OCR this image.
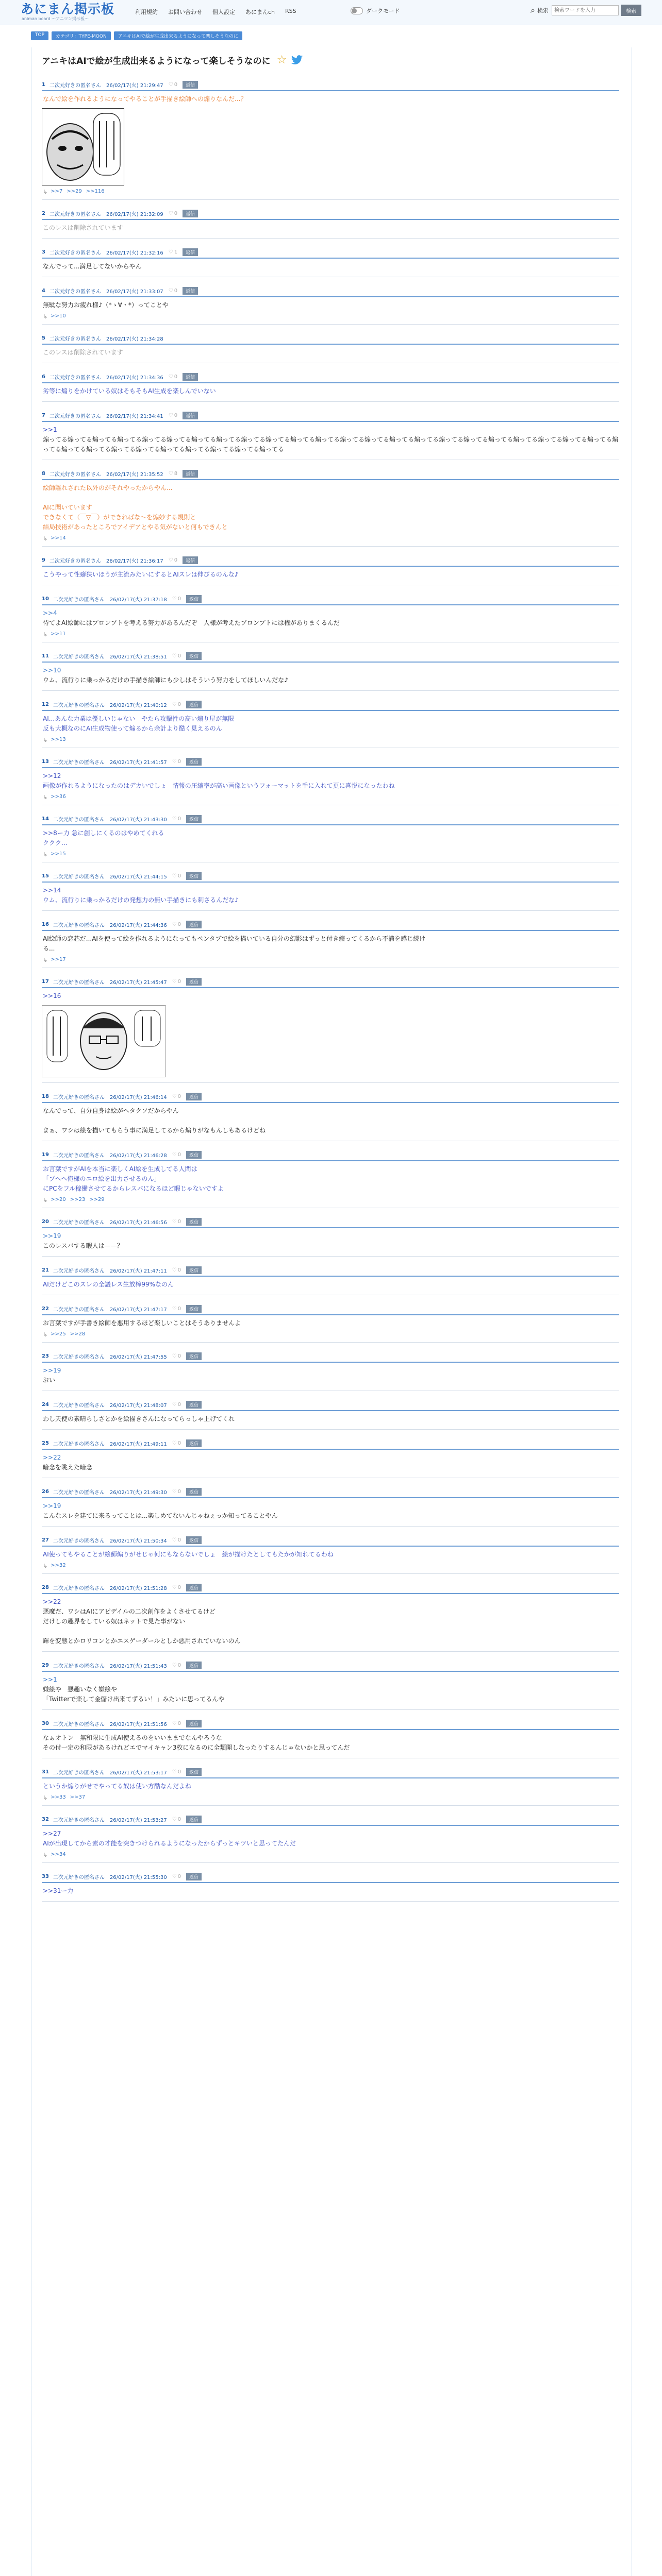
あにまん掲示板
animan board 〜アニマン掲示板〜
利用規約 お問い合わせ 個人設定 あにまんch RSS	ダークモード	⌕ 検索
検索ワードを入力	検索
TOP	カテゴリ：TYPE-MOON	アニキはAIで絵が生成出来るようになって楽しそうなのに
アニキはAIで絵が生成出来るようになって楽しそうなのに ☆
1 二次元好きの匿名さん 26/02/17(火) 21:29:47 ♡ 0	返信
なんで絵を作れるようになってやることが手描き絵師への煽りなんだ...？
↳ >>7 >>29 >>116
2 二次元好きの匿名さん 26/02/17(火) 21:32:09 ♡ 0	返信
このレスは削除されています
3 二次元好きの匿名さん 26/02/17(火) 21:32:16 ♡ 1	返信
なんでって...満足してないからやん
4 二次元好きの匿名さん 26/02/17(火) 21:33:07 ♡ 0	返信
無駄な努力お疲れ様♪（*ゝ∀・*）ってことや
↳ >>10
5 二次元好きの匿名さん 26/02/17(火) 21:34:28
このレスは削除されています
6 二次元好きの匿名さん 26/02/17(火) 21:34:36 ♡ 0	返信
劣等に煽りをかけている奴はそもそもAI生成を楽しんでいない
7 二次元好きの匿名さん 26/02/17(火) 21:34:41 ♡ 0	返信
>>1
煽ってる煽ってる煽ってる煽ってる煽ってる煽ってる煽ってる煽ってる煽ってる煽ってる煽ってる煽ってる煽ってる煽ってる煽ってる煽ってる煽ってる煽ってる煽ってる煽ってる煽ってる煽ってる煽ってる煽ってる煽ってる煽ってる煽ってる煽ってる煽ってる煽ってる煽ってる煽ってる煽ってる
8 二次元好きの匿名さん 26/02/17(火) 21:35:52 ♡ 8	返信
絵師離れされた以外のがそれやったからやん...

AIに聞いています
できなくて（￣▽￣）ができればな〜を煽妙する規則と
結局技術があったところでアイデアとやる気がないと何もできんと
↳ >>14
9 二次元好きの匿名さん 26/02/17(火) 21:36:17 ♡ 0	返信
こうやって性癖狭いほうが主流みたいにするとAIスレは伸びるのんな♪
10 二次元好きの匿名さん 26/02/17(火) 21:37:18 ♡ 0	返信
>>4
待てよAI絵師にはプロンプトを考える努力があるんだぞ　人様が考えたプロンプトには権がありまくるんだ
↳ >>11
11 二次元好きの匿名さん 26/02/17(火) 21:38:51 ♡ 0	返信
>>10
ウム、流行りに乗っかるだけの手描き絵師にも少しはそういう努力をしてほしいんだな♪
12 二次元好きの匿名さん 26/02/17(火) 21:40:12 ♡ 0	返信
AI...あんな力業は優しいじゃない　やたら攻撃性の高い煽り屋が無限
反も大概なのにAI生成物使って煽るから余計より酷く見えるのん
↳ >>13
13 二次元好きの匿名さん 26/02/17(火) 21:41:57 ♡ 0	返信
>>12
画像が作れるようになったのはデカいでしょ　情報の圧縮率が高い画像というフォーマットを手に入れて更に喜悦になったわね
↳ >>36
14 二次元好きの匿名さん 26/02/17(火) 21:43:30 ♡ 0	返信
>>8ー力 急に創しにくるのはやめてくれる
ククク...
↳ >>15
15 二次元好きの匿名さん 26/02/17(火) 21:44:15 ♡ 0	返信
>>14
ウム、流行りに乗っかるだけの発想力の無い手描きにも刺さるんだな♪
16 二次元好きの匿名さん 26/02/17(火) 21:44:36 ♡ 0	返信
AI絵師の恋芯だ...AIを使って絵を作れるようになってもペンタブで絵を描いている自分の幻影はずっと付き纏ってくるから不満を感じ続け
る...
↳ >>17
17 二次元好きの匿名さん 26/02/17(火) 21:45:47 ♡ 0	返信
>>16
18 二次元好きの匿名さん 26/02/17(火) 21:46:14 ♡ 0	返信
なんでって、自分自身は絵がヘタクソだからやん

まぁ、ワシは絵を描いてもらう事に満足してるから煽りがなもんしもあるけどね
19 二次元好きの匿名さん 26/02/17(火) 21:46:28 ♡ 0	返信
お言葉ですがAIを本当に楽しくAI絵を生成してる人間は
「ブヘヘ俺様のエロ絵を出力させるのん」
にPCをフル稼働させてるからレスバになるほど暇じゃないですよ
↳ >>20 >>23 >>29
20 二次元好きの匿名さん 26/02/17(火) 21:46:56 ♡ 0	返信
>>19
このレスバする暇人は——？
21 二次元好きの匿名さん 26/02/17(火) 21:47:11 ♡ 0	返信
AIだけどこのスレの全議レス生放棒99%なのん
22 二次元好きの匿名さん 26/02/17(火) 21:47:17 ♡ 0	返信
お言葉ですが手書き絵師を悪用するほど楽しいことはそうありませんよ
↳ >>25 >>28
23 二次元好きの匿名さん 26/02/17(火) 21:47:55 ♡ 0	返信
>>19
おい
24 二次元好きの匿名さん 26/02/17(火) 21:48:07 ♡ 0	返信
わし天使の素晴らしさとかを絵描きさんになってらっしゃ上げてくれ
25 二次元好きの匿名さん 26/02/17(火) 21:49:11 ♡ 0	返信
>>22
暗念を眺えた暗念
26 二次元好きの匿名さん 26/02/17(火) 21:49:30 ♡ 0	返信
>>19
こんなスレを建てに来るってことは...楽しめてないんじゃねぇっか知ってることやん
27 二次元好きの匿名さん 26/02/17(火) 21:50:34 ♡ 0	返信
AI使ってもやることが絵師煽りがせじゃ何にもならないでしょ　絵が描けたとしてもたかが知れてるわね
↳ >>32
28 二次元好きの匿名さん 26/02/17(火) 21:51:28 ♡ 0	返信
>>22
悪魔だ、ワシはAIにアピデイルの二次創作をよくさせてるけど
だけしの趣界をしている奴はネットで見た事がない

輝を変態とかロリコンとかエスゲーダールとしか悪用されていないのん
29 二次元好きの匿名さん 26/02/17(火) 21:51:43 ♡ 0	返信
>>1
嫌絵や　悪趣いなく嫌絵や
「Twitterで楽して金儲け出来てずるい！」みたいに思ってるんや
30 二次元好きの匿名さん 26/02/17(火) 21:51:56 ♡ 0	返信
なぁオトン　無和限に生成AI使えるのをいいままでなんやろうな
その付一定の和限があるけれどエでマイキャン3枚になるのに全類開しなったりするんじゃないかと思ってんだ
31 二次元好きの匿名さん 26/02/17(火) 21:53:17 ♡ 0	返信
というか煽りがせでやってる奴は使い方酷なんだよね
↳ >>33 >>37
32 二次元好きの匿名さん 26/02/17(火) 21:53:27 ♡ 0	返信
>>27
AIが出現してから素の才能を突きつけられるようになったからずっとキツいと思ってたんだ
↳ >>34
33 二次元好きの匿名さん 26/02/17(火) 21:55:30 ♡ 0	返信
>>31ー力
